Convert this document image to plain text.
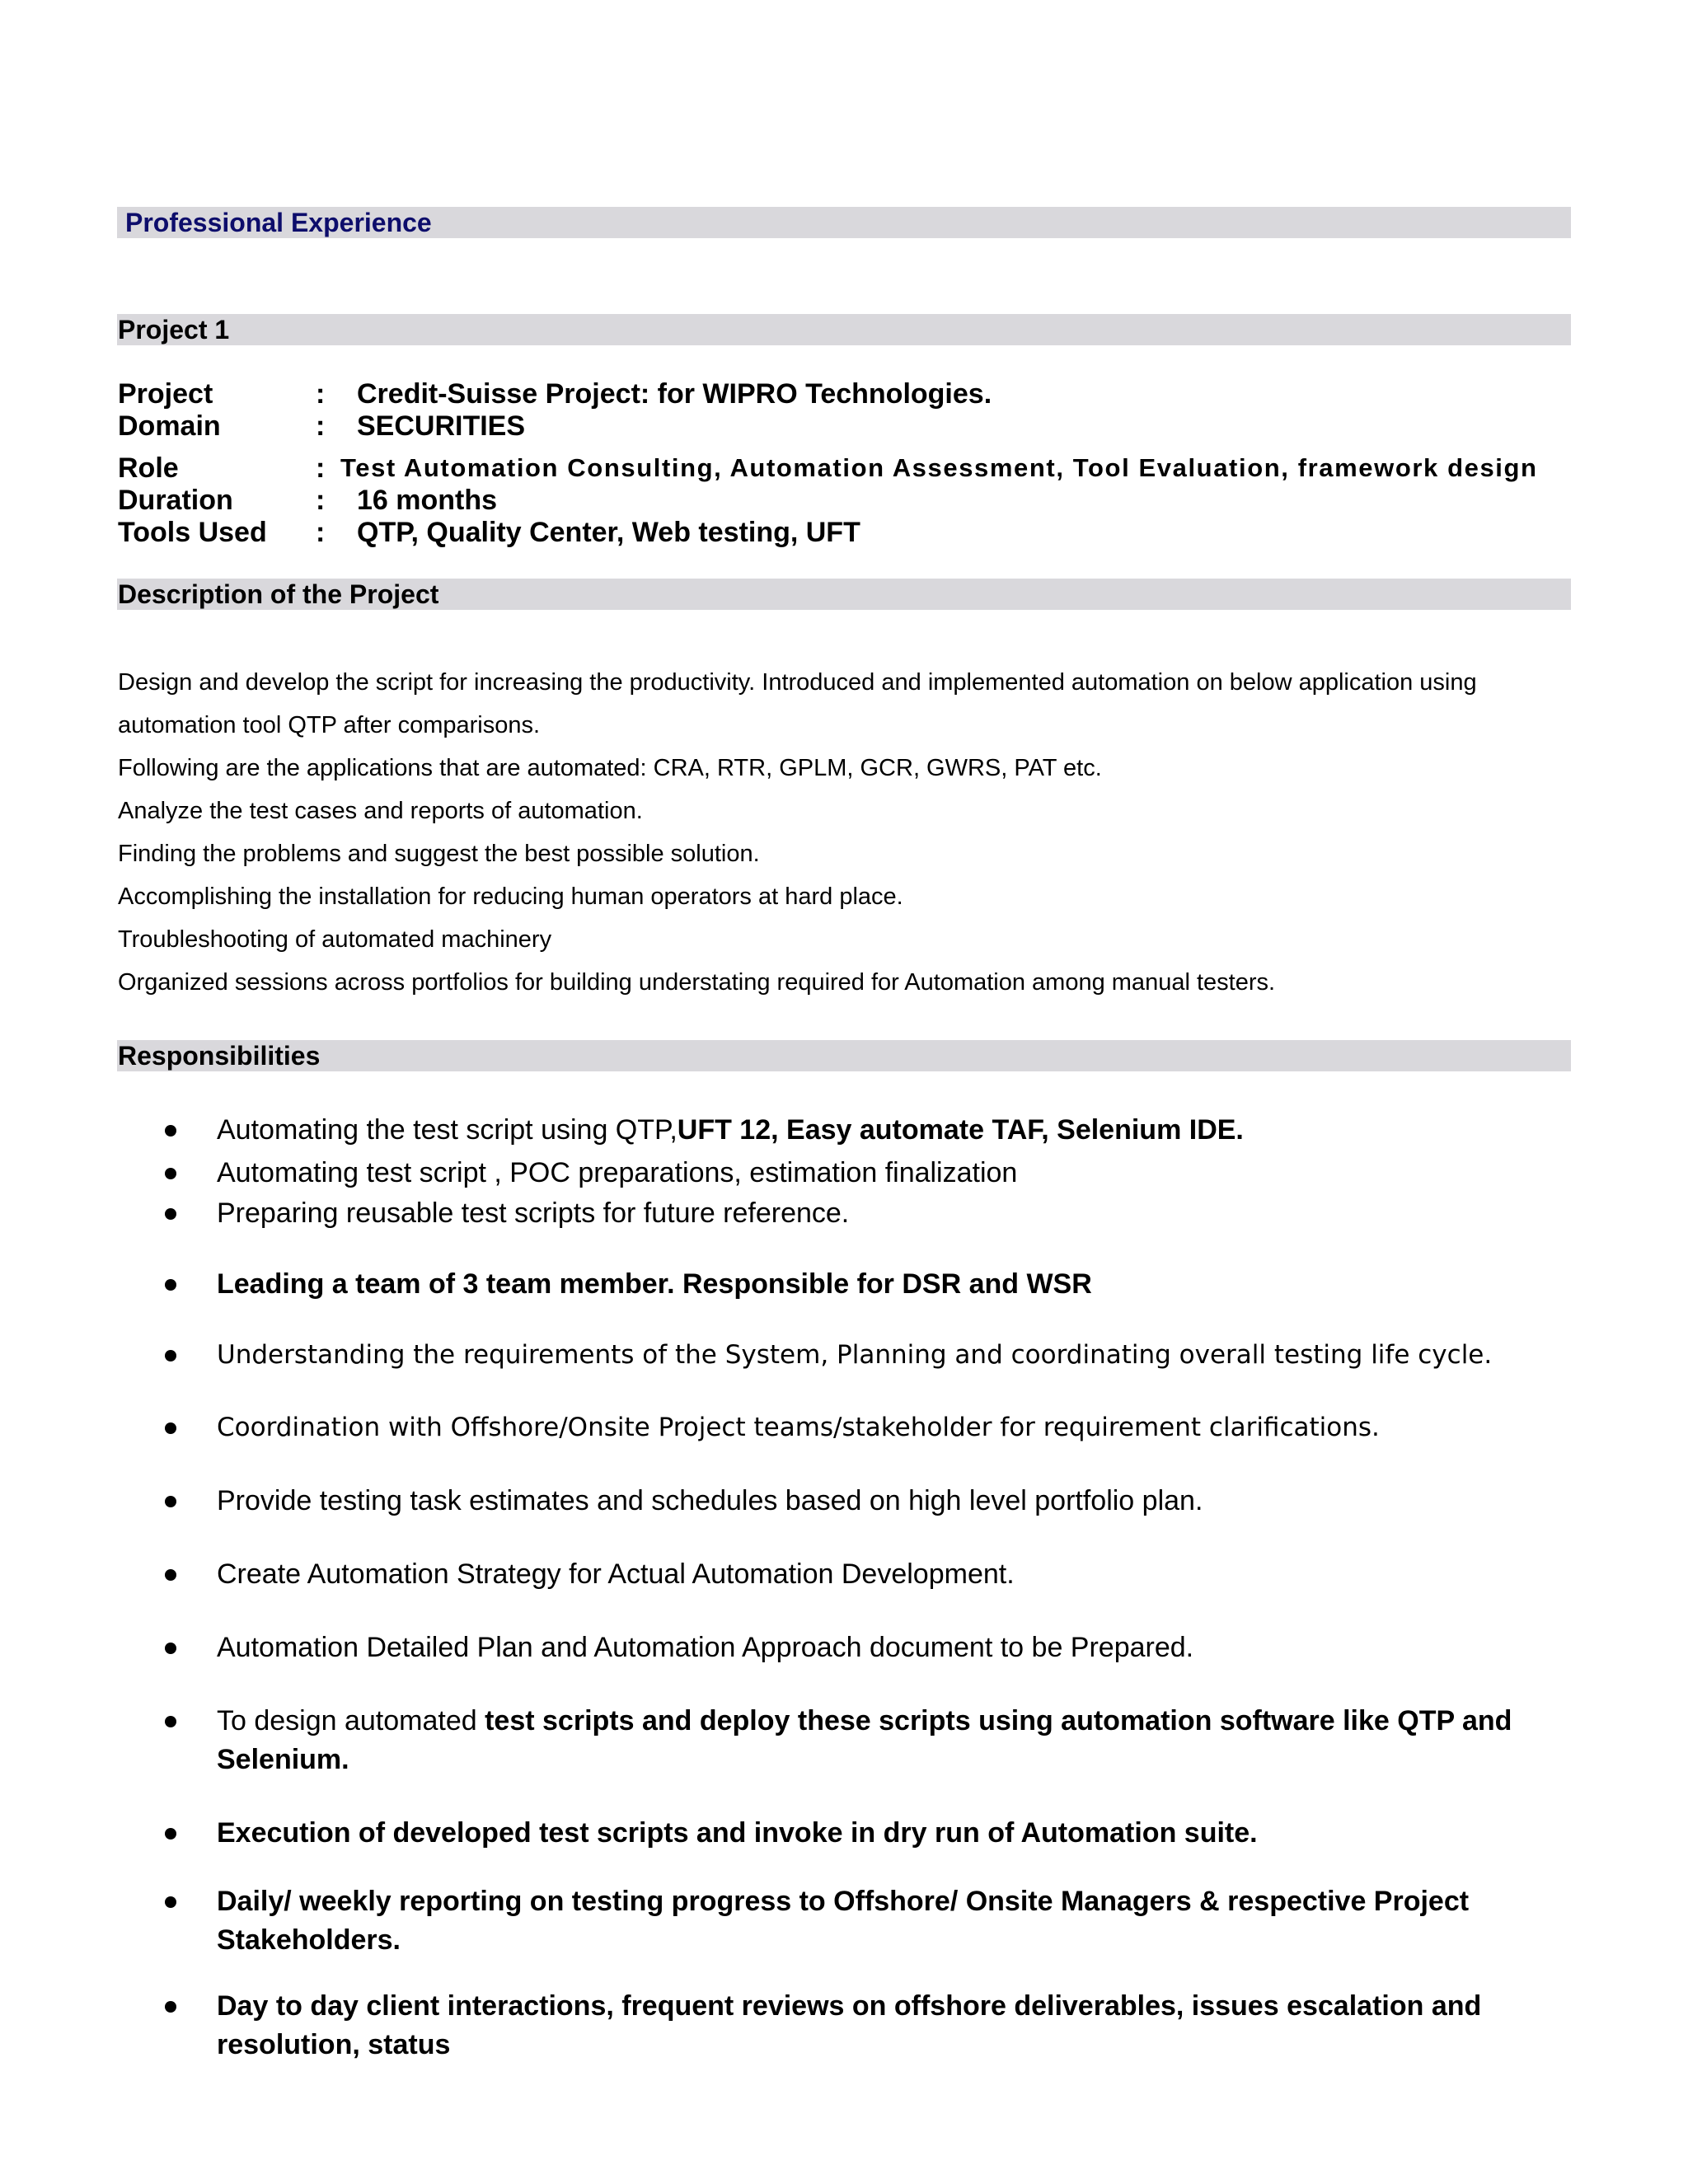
Professional Experience
Project 1
Project	: Credit-Suisse Project: for WIPRO Technologies.
Domain	: SECURITIES
Role	: Test Automation Consulting, Automation Assessment, Tool Evaluation, framework design
Duration	: 16 months
Tools Used : QTP, Quality Center, Web testing, UFT
Description of the Project
Design and develop the script for increasing the productivity. Introduced and implemented automation on below application using
automation tool QTP after comparisons.
Following are the applications that are automated: CRA, RTR, GPLM, GCR, GWRS, PAT etc.
Analyze the test cases and reports of automation.
Finding the problems and suggest the best possible solution.
Accomplishing the installation for reducing human operators at hard place.
Troubleshooting of automated machinery
Organized sessions across portfolios for building understating required for Automation among manual testers.
Responsibilities
Automating the test script using QTP,UFT 12, Easy automate TAF, Selenium IDE.
Automating test script , POC preparations, estimation finalization
Preparing reusable test scripts for future reference.
Leading a team of 3 team member. Responsible for DSR and WSR
Understanding the requirements of the System, Planning and coordinating overall testing life cycle.
Coordination with Offshore/Onsite Project teams/stakeholder for requirement clarifications.
Provide testing task estimates and schedules based on high level portfolio plan.
Create Automation Strategy for Actual Automation Development.
Automation Detailed Plan and Automation Approach document to be Prepared.
To design automated test scripts and deploy these scripts using automation software like QTP and Selenium.
Execution of developed test scripts and invoke in dry run of Automation suite.
Daily/ weekly reporting on testing progress to Offshore/ Onsite Managers & respective Project Stakeholders.
Day to day client interactions, frequent reviews on offshore deliverables, issues escalation and resolution, status
